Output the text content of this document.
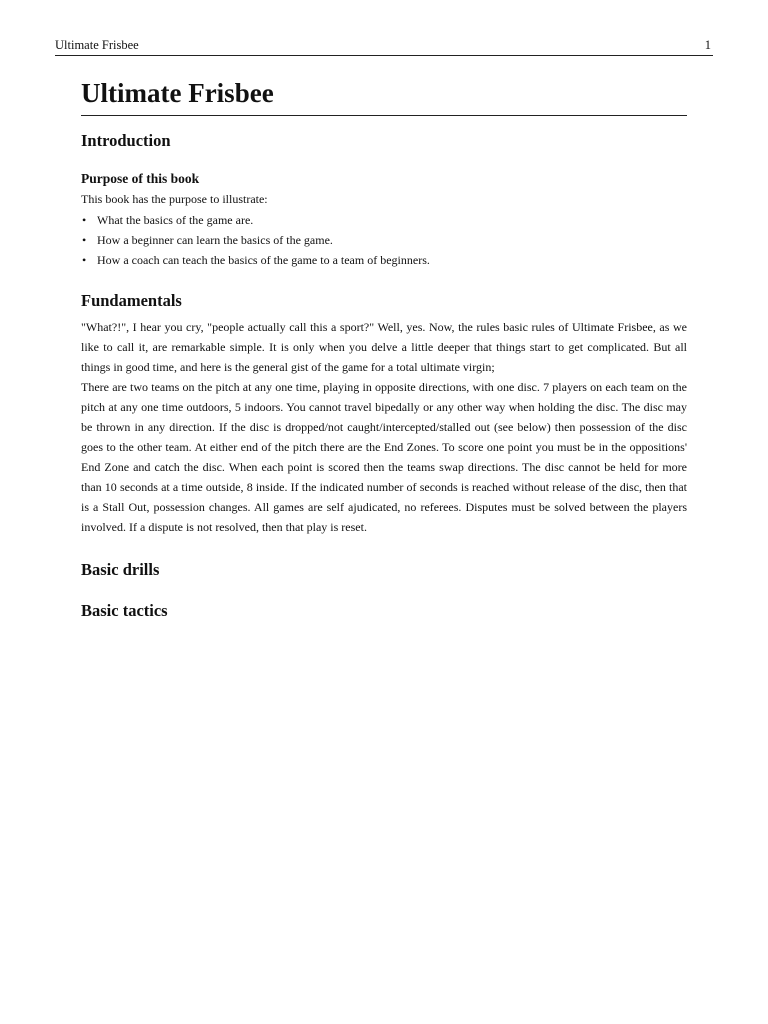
Ultimate Frisbee	1
Ultimate Frisbee
Introduction
Purpose of this book

This book has the purpose to illustrate:

• What the basics of the game are.
• How a beginner can learn the basics of the game.
• How a coach can teach the basics of the game to a team of beginners.
Fundamentals

"What?!", I hear you cry, "people actually call this a sport?" Well, yes. Now, the rules basic rules of Ultimate Frisbee, as we like to call it, are remarkable simple. It is only when you delve a little deeper that things start to get complicated. But all things in good time, and here is the general gist of the game for a total ultimate virgin;

There are two teams on the pitch at any one time, playing in opposite directions, with one disc. 7 players on each team on the pitch at any one time outdoors, 5 indoors. You cannot travel bipedally or any other way when holding the disc. The disc may be thrown in any direction. If the disc is dropped/not caught/intercepted/stalled out (see below) then possession of the disc goes to the other team. At either end of the pitch there are the End Zones. To score one point you must be in the oppositions' End Zone and catch the disc. When each point is scored then the teams swap directions. The disc cannot be held for more than 10 seconds at a time outside, 8 inside. If the indicated number of seconds is reached without release of the disc, then that is a Stall Out, possession changes. All games are self ajudicated, no referees. Disputes must be solved between the players involved. If a dispute is not resolved, then that play is reset.

Basic drills
Basic tactics
